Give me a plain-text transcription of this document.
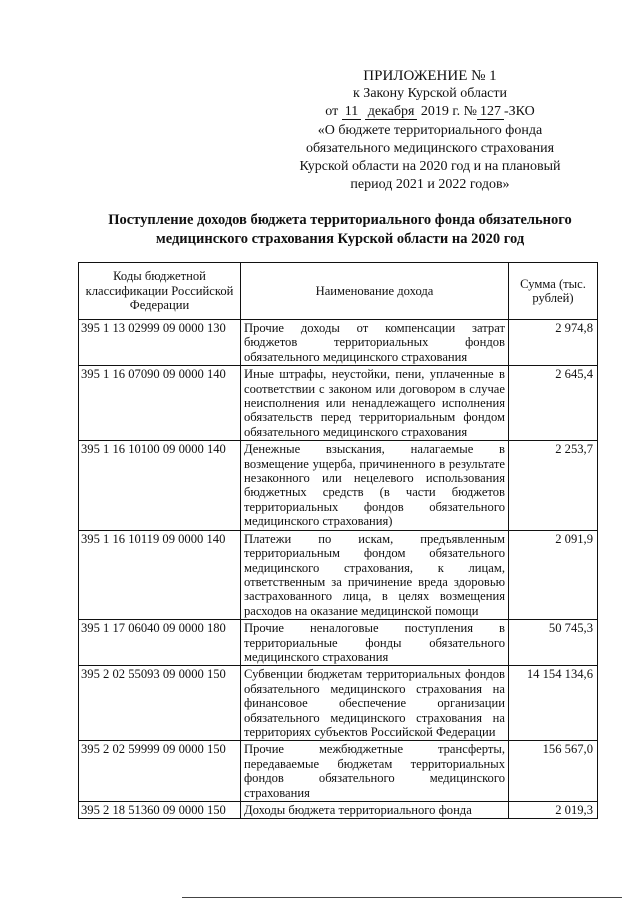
ПРИЛОЖЕНИЕ № 1
к Закону Курской области
от 11 декабря 2019 г. № 127 -ЗКО
«О бюджете территориального фонда
обязательного медицинского страхования
Курской области на 2020 год и на плановый
период 2021 и 2022 годов»
Поступление доходов бюджета территориального фонда обязательного
медицинского страхования Курской области на 2020 год
Коды бюджетной классификации Российской Федерации	Наименование дохода	Сумма (тыс. рублей)
395 1 13 02999 09 0000 130	Прочие доходы от компенсации затрат бюджетов территориальных фондов обязательного медицинского страхования	2 974,8
395 1 16 07090 09 0000 140	Иные штрафы, неустойки, пени, уплаченные в соответствии с законом или договором в случае неисполнения или ненадлежащего исполнения обязательств перед территориальным фондом обязательного медицинского страхования	2 645,4
395 1 16 10100 09 0000 140	Денежные взыскания, налагаемые в возмещение ущерба, причиненного в результате незаконного или нецелевого использования бюджетных средств (в части бюджетов территориальных фондов обязательного медицинского страхования)	2 253,7
395 1 16 10119 09 0000 140	Платежи по искам, предъявленным территориальным фондом обязательного медицинского страхования, к лицам, ответственным за причинение вреда здоровью застрахованного лица, в целях возмещения расходов на оказание медицинской помощи	2 091,9
395 1 17 06040 09 0000 180	Прочие неналоговые поступления в территориальные фонды обязательного медицинского страхования	50 745,3
395 2 02 55093 09 0000 150	Субвенции бюджетам территориальных фондов обязательного медицинского страхования на финансовое обеспечение организации обязательного медицинского страхования на территориях субъектов Российской Федерации	14 154 134,6
395 2 02 59999 09 0000 150	Прочие межбюджетные трансферты, передаваемые бюджетам территориальных фондов обязательного медицинского страхования	156 567,0
395 2 18 51360 09 0000 150	Доходы бюджета территориального фонда	2 019,3
